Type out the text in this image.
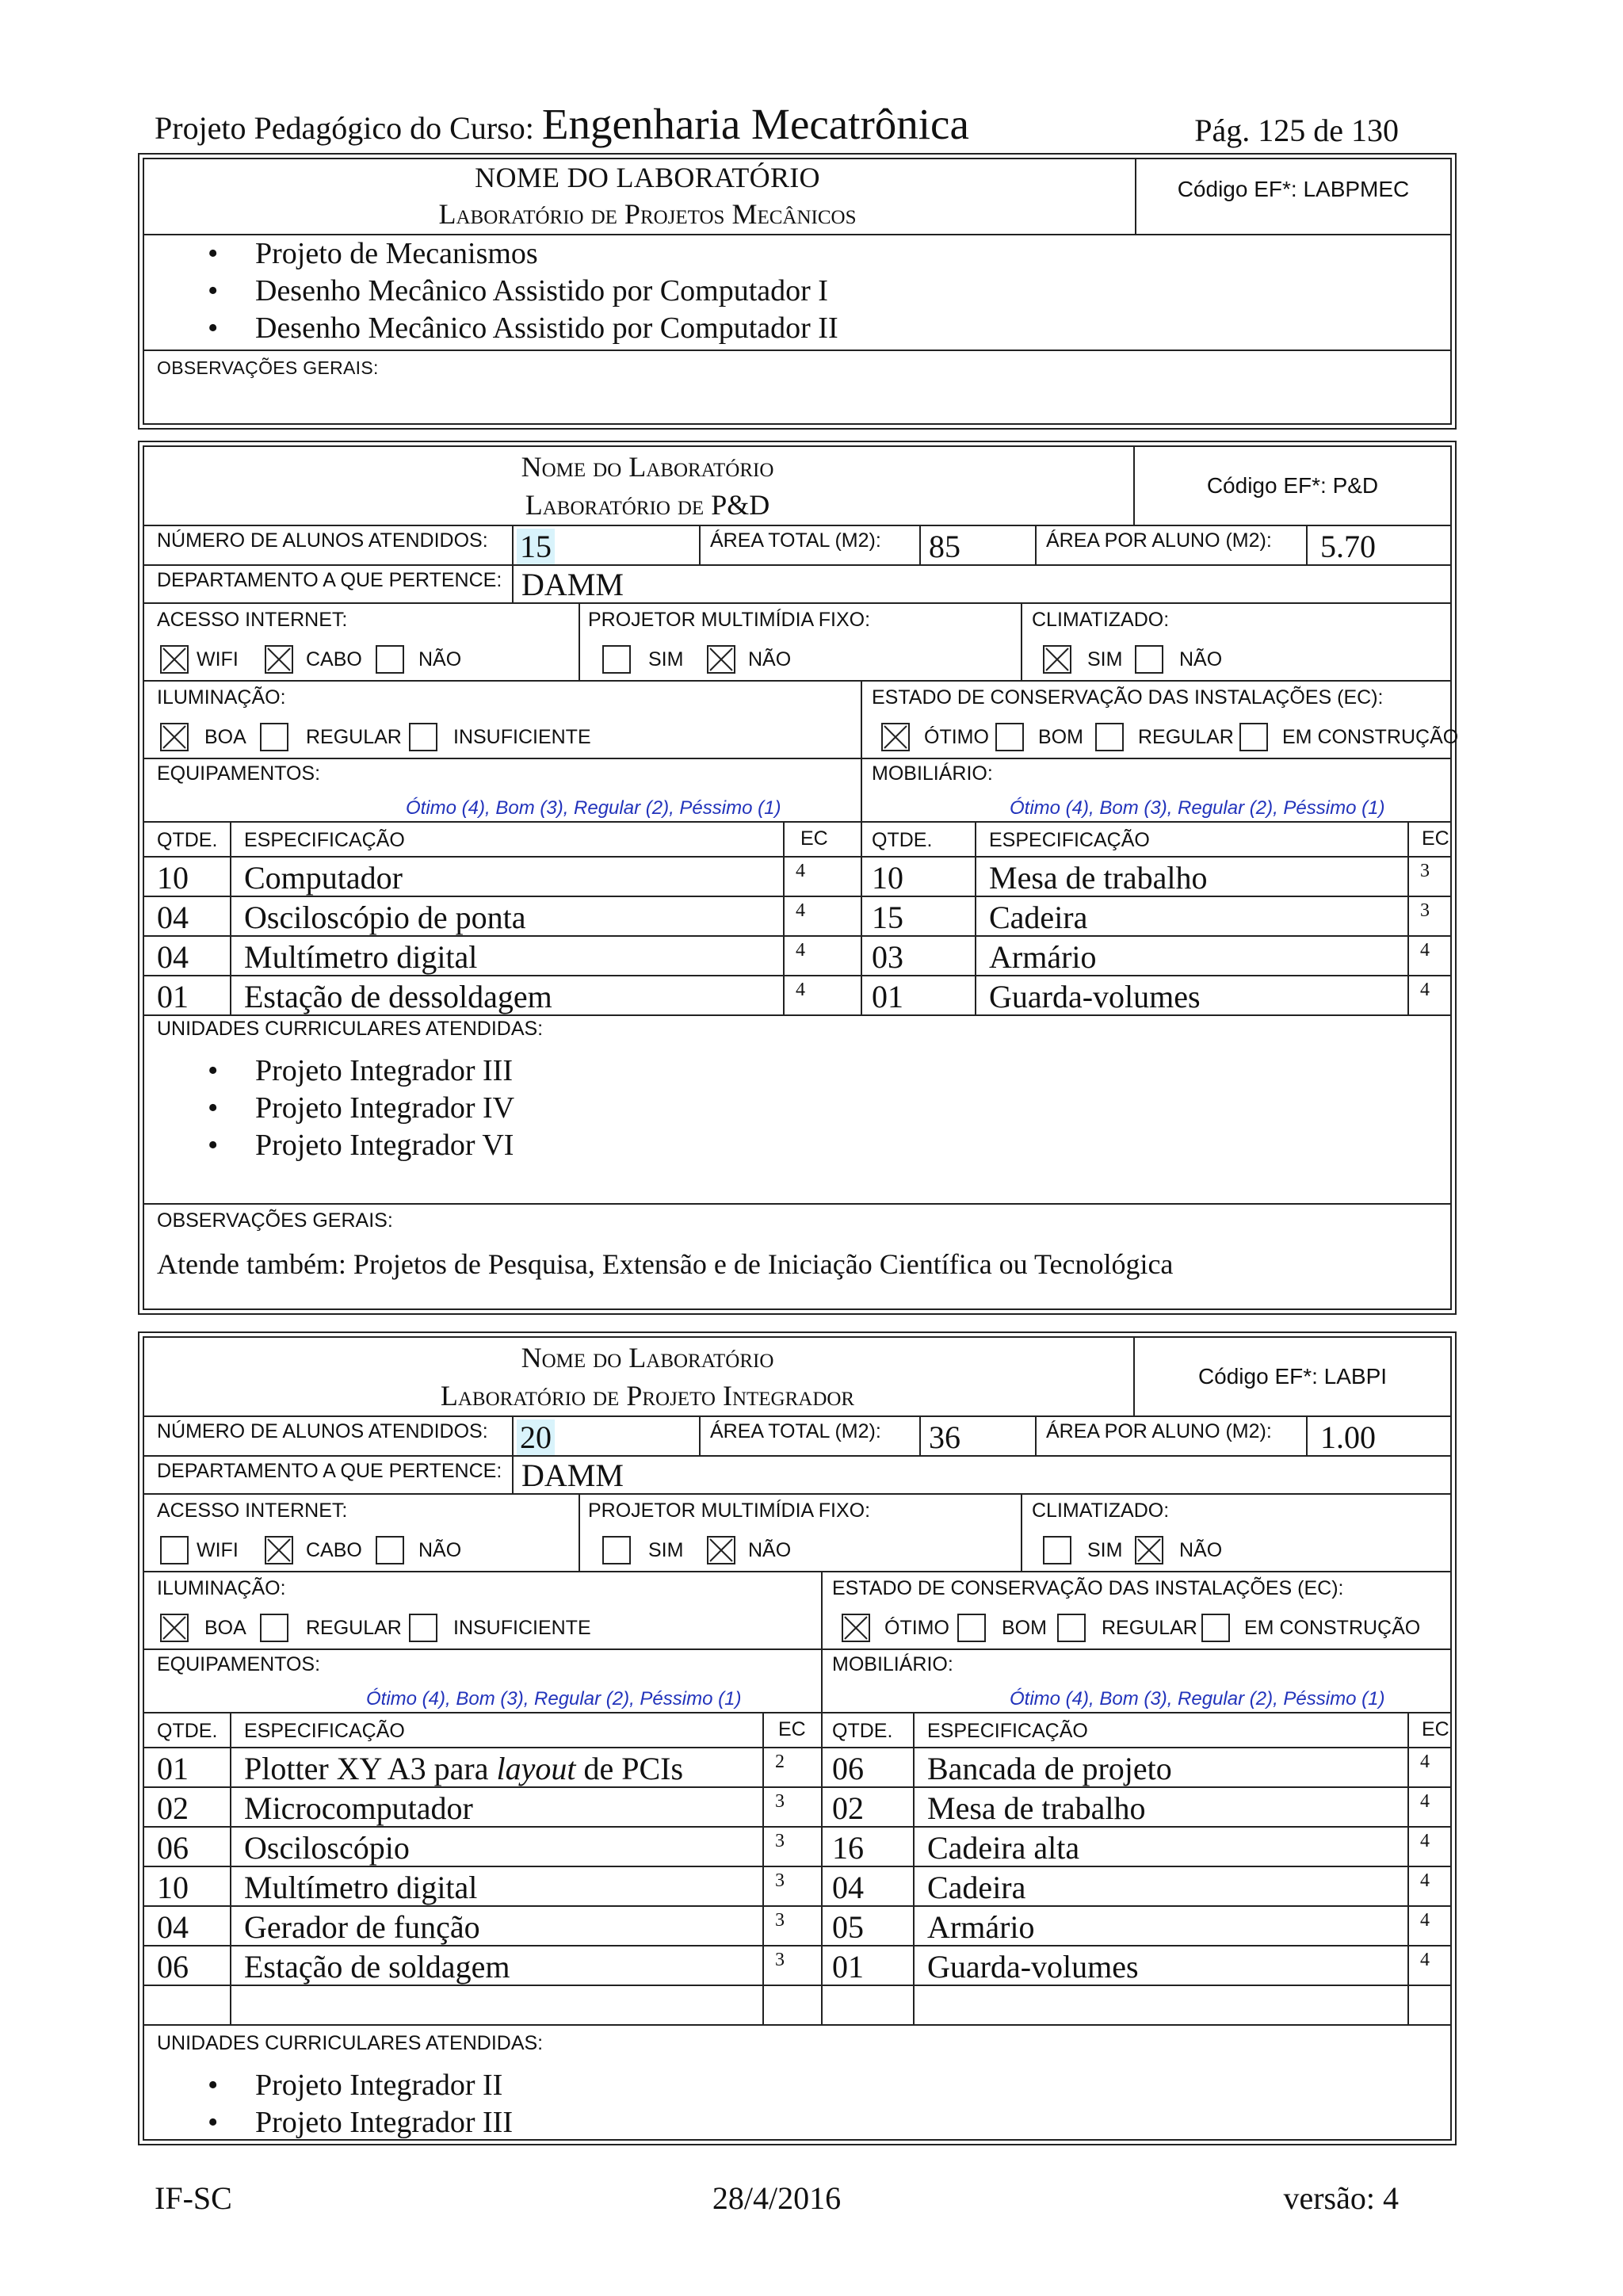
Projeto Pedagógico do Curso: Engenharia Mecatrônica	Pág. 125 de 130
NOME DO LABORATÓRIO
Laboratório de Projetos Mecânicos
Código EF*: LABPMEC
• Projeto de Mecanismos
• Desenho Mecânico Assistido por Computador I
• Desenho Mecânico Assistido por Computador II
OBSERVAÇÕES GERAIS:
Nome do Laboratório
Laboratório de P&D
Código EF*: P&D
NÚMERO DE ALUNOS ATENDIDOS: 15	ÁREA TOTAL (M2): 85	ÁREA POR ALUNO (M2): 5.70
DEPARTAMENTO A QUE PERTENCE: DAMM
ACESSO INTERNET:
WIFI	CABO	NÃO
PROJETOR MULTIMÍDIA FIXO:
SIM	NÃO
CLIMATIZADO:
SIM	NÃO
ILUMINAÇÃO:
BOA	REGULAR	INSUFICIENTE
ESTADO DE CONSERVAÇÃO DAS INSTALAÇÕES (EC):
ÓTIMO BOM	REGULAR EM CONSTRUÇÃO
EQUIPAMENTOS:
Ótimo (4), Bom (3), Regular (2), Péssimo (1)
MOBILIÁRIO:
Ótimo (4), Bom (3), Regular (2), Péssimo (1)
QTDE. ESPECIFICAÇÃO	EC QTDE.	ESPECIFICAÇÃO	EC
10 Computador	4 10	Mesa de trabalho	3
04 Osciloscópio de ponta	4 15	Cadeira	3
04 Multímetro digital	4 03	Armário	4
01 Estação de dessoldagem	4 01	Guarda-volumes	4
UNIDADES CURRICULARES ATENDIDAS:
• Projeto Integrador III
• Projeto Integrador IV
• Projeto Integrador VI
OBSERVAÇÕES GERAIS:
Atende também: Projetos de Pesquisa, Extensão e de Iniciação Científica ou Tecnológica
Nome do Laboratório
Laboratório de Projeto Integrador
Código EF*: LABPI
NÚMERO DE ALUNOS ATENDIDOS: 20	ÁREA TOTAL (M2): 36	ÁREA POR ALUNO (M2): 1.00
DEPARTAMENTO A QUE PERTENCE: DAMM
ACESSO INTERNET:
WIFI	CABO	NÃO
PROJETOR MULTIMÍDIA FIXO:
SIM	NÃO
CLIMATIZADO:
SIM	NÃO
ILUMINAÇÃO:
BOA	REGULAR	INSUFICIENTE
ESTADO DE CONSERVAÇÃO DAS INSTALAÇÕES (EC):
ÓTIMO	BOM	REGULAR EM CONSTRUÇÃO
EQUIPAMENTOS:
Ótimo (4), Bom (3), Regular (2), Péssimo (1)
MOBILIÁRIO:
Ótimo (4), Bom (3), Regular (2), Péssimo (1)
QTDE. ESPECIFICAÇÃO	EC QTDE. ESPECIFICAÇÃO	EC
01 Plotter XY A3 para layout de PCIs	2 06 Bancada de projeto	4
02 Microcomputador	3 02 Mesa de trabalho	4
06 Osciloscópio	3 16 Cadeira alta	4
10 Multímetro digital	3 04 Cadeira	4
04 Gerador de função	3 05 Armário	4
06 Estação de soldagem	3 01 Guarda-volumes	4
UNIDADES CURRICULARES ATENDIDAS:
• Projeto Integrador II
• Projeto Integrador III
IF-SC	28/4/2016	versão: 4
